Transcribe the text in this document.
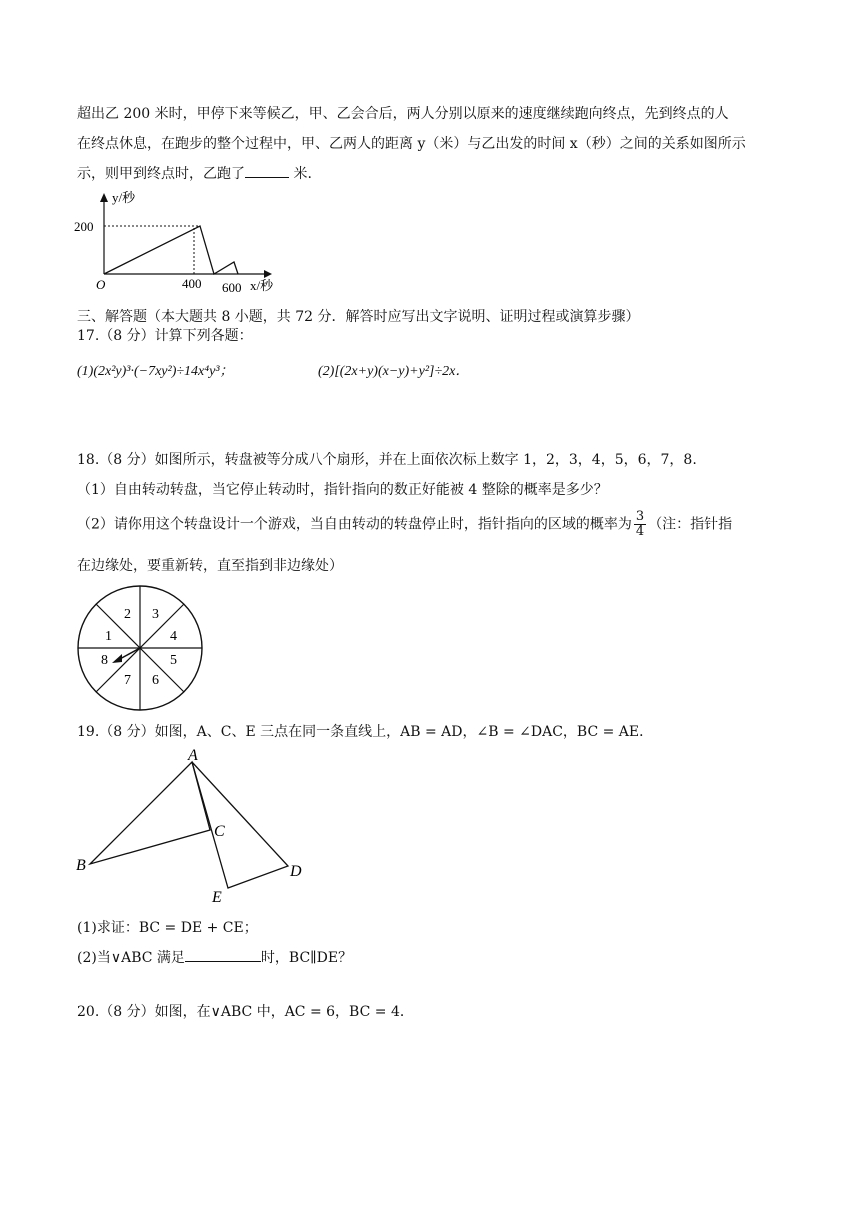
超出乙 200 米时，甲停下来等候乙，甲、乙会合后，两人分别以原来的速度继续跑向终点，先到终点的人
在终点休息，在跑步的整个过程中，甲、乙两人的距离 y（米）与乙出发的时间 x（秒）之间的关系如图所示
示，则甲到终点时，乙跑了	米.
y/秒
x/秒
200
400 600
O
三、解答题（本大题共 8 小题，共 72 分．解答时应写出文字说明、证明过程或演算步骤）
17.（8 分）计算下列各题：
(1)(2x²y)³·(−7xy²)÷14x⁴y³；	(2)[(2x+y)(x−y)+y²]÷2x．
18.（8 分）如图所示，转盘被等分成八个扇形，并在上面依次标上数字 1，2，3，4，5，6，7，8.
（1）自由转动转盘，当它停止转动时，指针指向的数正好能被 4 整除的概率是多少？
（2）请你用这个转盘设计一个游戏，当自由转动的转盘停止时，指针指向的区域的概率为 $\frac{3}{4}$ （注：指针指
在边缘处，要重新转，直至指到非边缘处）
1
2 3
4
5
6
7
8
19.（8 分）如图，A、C、E 三点在同一条直线上，AB = AD，∠B = ∠DAC，BC = AE．
A
B
C
D
E
(1)求证：BC = DE + CE；
(2)当∨ABC 满足	时，BC∥DE？
20.（8 分）如图，在∨ABC 中，AC = 6，BC = 4．
